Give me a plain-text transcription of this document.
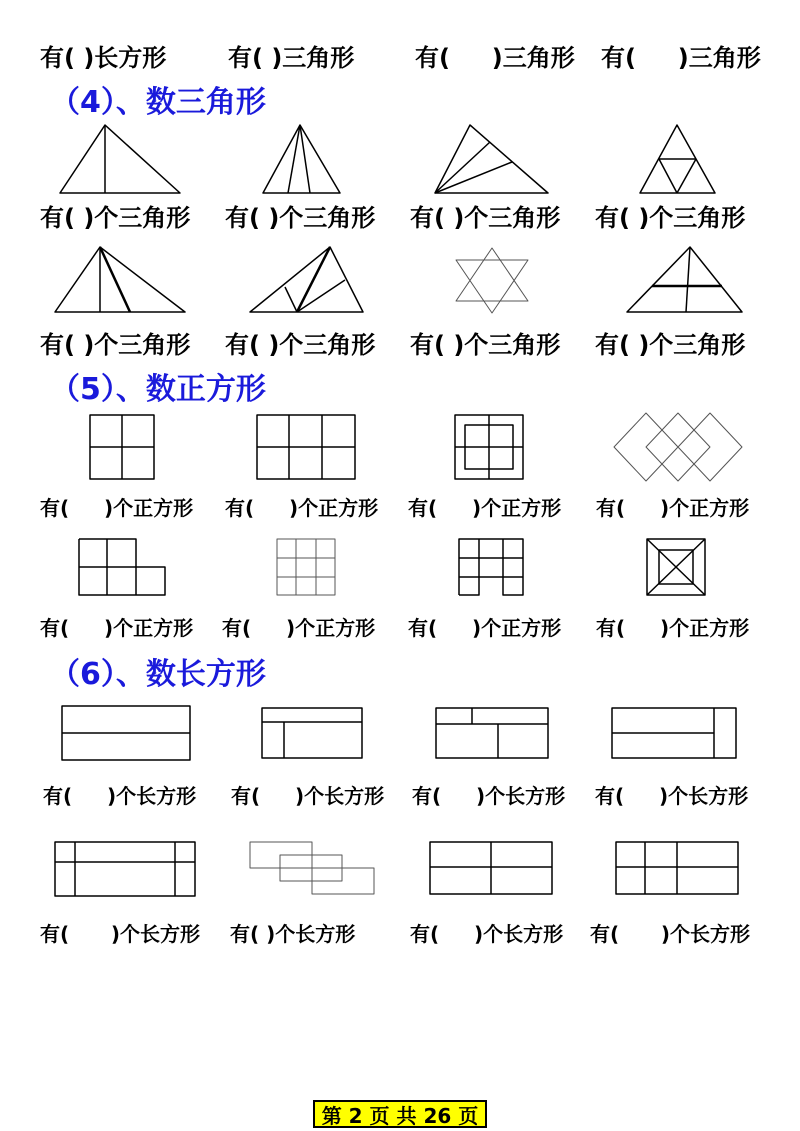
有( )长方形	有( )三角形	有(     )三角形 有(     )三角形
（4）、数三角形
有( )个三角形 有( )个三角形 有( )个三角形 有( )个三角形
有( )个三角形 有( )个三角形 有( )个三角形 有( )个三角形
（5）、数正方形
有(     )个正方形 有(     )个正方形 有(     )个正方形 有(     )个正方形
有(     )个正方形 有(     )个正方形 有(     )个正方形 有(     )个正方形
（6）、数长方形
有(     )个长方形 有(     )个长方形 有(     )个长方形 有(     )个长方形
有(      )个长方形 有( )个长方形	有(     )个长方形 有(      )个长方形
第 2 页 共 26 页
